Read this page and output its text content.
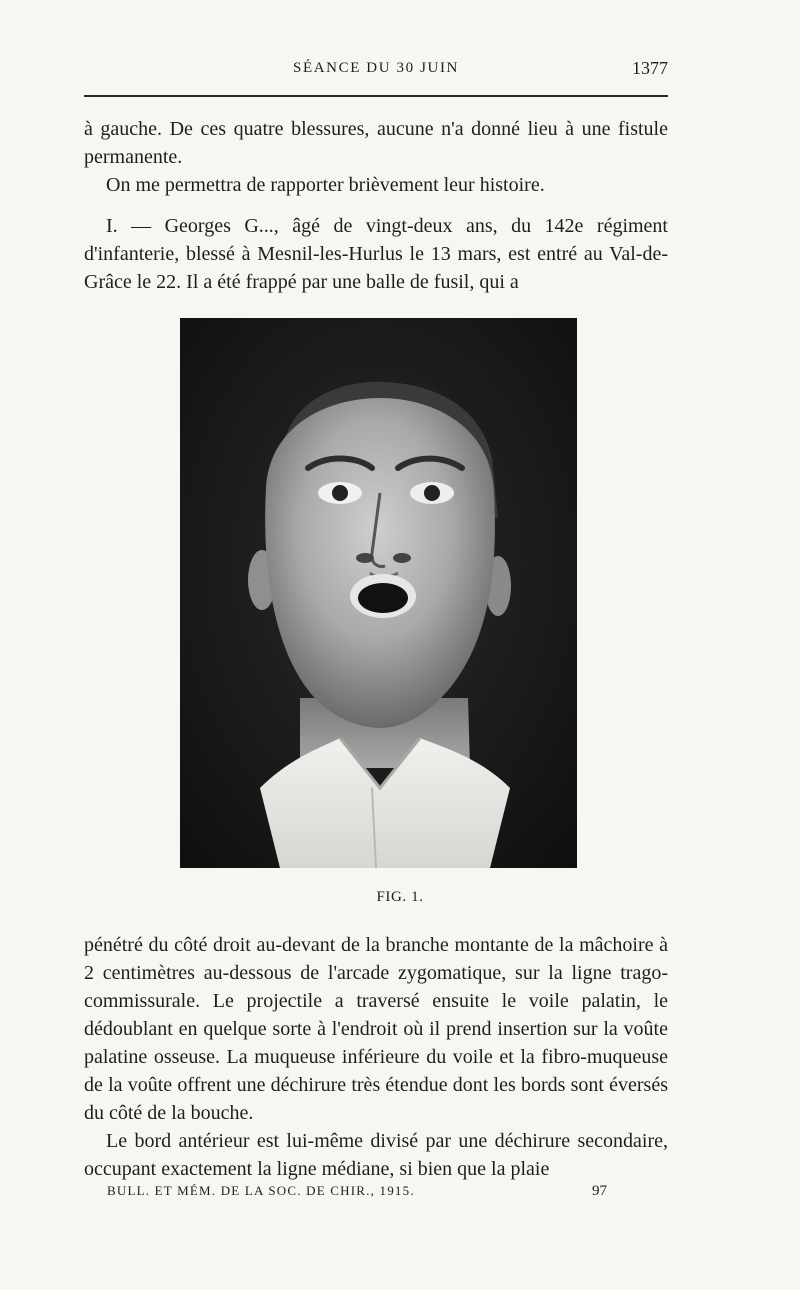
SÉANCE DU 30 JUIN	1377

à gauche. De ces quatre blessures, aucune n'a donné lieu à une fistule permanente.

On me permettra de rapporter brièvement leur histoire.

I. — Georges G..., âgé de vingt-deux ans, du 142e régiment d'infanterie, blessé à Mesnil-les-Hurlus le 13 mars, est entré au Val-de-Grâce le 22. Il a été frappé par une balle de fusil, qui a

FIG. 1.

pénétré du côté droit au-devant de la branche montante de la mâchoire à 2 centimètres au-dessous de l'arcade zygomatique, sur la ligne trago-commissurale. Le projectile a traversé ensuite le voile palatin, le dédoublant en quelque sorte à l'endroit où il prend insertion sur la voûte palatine osseuse. La muqueuse inférieure du voile et la fibro-muqueuse de la voûte offrent une déchirure très étendue dont les bords sont éversés du côté de la bouche.

Le bord antérieur est lui-même divisé par une déchirure secondaire, occupant exactement la ligne médiane, si bien que la plaie

BULL. ET MÉM. DE LA SOC. DE CHIR., 1915.	97
